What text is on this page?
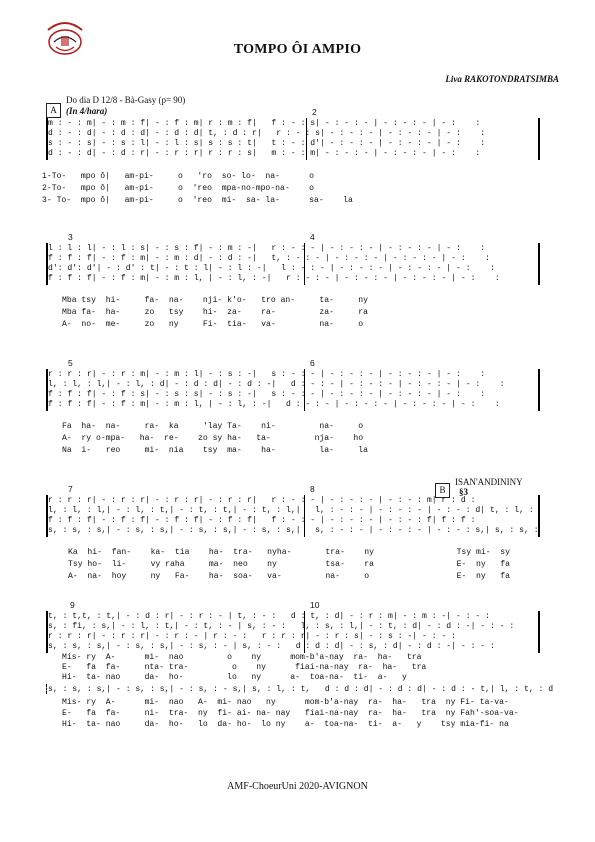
TOMPO ÔI AMPIO
Liva RAKOTONDRATSIMBA
A
Do dia D 12/8 - Bà-Gasy (p= 90)
(In 4/hara)
B
ISAN'ANDININY
§3
2
m : - : m| - : m : f| - : f : m| r : m : f|   f : - : s| - : - : - | - : - : - | - :    :
d : - : d| - : d : d| - : d : d| t, : d : r|   r : - : s| - : - : - | - : - : - | - :    :
s : - : s| - : s : l| - : l : s| s : s : t|   t : - : d'| - : - : - | - : - : - | - :    :
d : - : d| - : d : r| - : r : r| r : r : s|   m : - : m| - : - : - | - : - : - | - :    :
1-To-   mpo ô|   am-pi-     o   'ro  so- lo-  na-      o
2-To-   mpo ô|   am-pi-     o  'reo  mpa-no-mpo-na-    o
3- To-  mpo ô|   am-pi-     o  'reo  mi-  sa- la-      sa-    la
3	4
l : l : l| - : l : s| - : s : f| - : m : -|   r : - : - | - : - : - | - : - : - | - :    :
f : f : f| - : f : m| - : m : d| - : d : -|   t, : - : - | - : - : - | - : - : - | - :    :
d': d': d'| - : d' : t| - : t : l| - : l : -|   l : - : - | - : - : - | - : - : - | - :    :
f : f : f| - : f : m| - : m : l, | - : l, : -|   r : - : - | - : - : - | - : - : - | - :    :
Mba tsy  hi-     fa-  na-    nji- k'o-   tro an-     ta-     ny
Mba fa-  ha-     zo   tsy    hi-  za-    ra-         za-     ra
A-  no-  me-     zo   ny     Fi-  tia-   va-         na-     o
5	6
r : r : r| - : r : m| - : m : l| - : s : -|   s : - : - | - : - : - | - : - : - | - :    :
l, : l, : l,| - : l, : d| - : d : d| - : d : -|   d : - : - | - : - : - | - : - : - | - :    :
f : f : f| - : f : s| - : s : s| - : s : -|   s : - : - | - : - : - | - : - : - | - :    :
f : f : f| - : f : m| - : m : l, | - : l, : -|   d : - : - | - : - : - | - : - : - | - :    :
Fa  ha-  na-     ra-  ka     'lay Ta-    ni-         na-     o
A-  ry o-mpa-   ha-  re-    zo sy ha-   ta-         nja-    ho
Na  i-   reo     mi-  nia    tsy  ma-    ha-         la-     la
7	8
r : r : r| - : r : r| - : r : r| - : r : r|   r : - : - | - : - : - | - : - : m| r : d :
l, : l, : l,| - : l, : t,| - : t, : t,| - : t, : l,|   l, : - : - | - : - : - | - : - : d| t, : l, :
f : f : f| - : f : f| - : f : f| - : f : f|   f : - : - | - : - : - | - : - : f| f : f :
s, : s, : s,| - : s, : s,| - : s, : s,| - : s, : s,|   s, : - : - | - : - : - | - : - : s,| s, : s, :
Ka  hi-  fan-    ka-  tia    ha-  tra-   nyha-       tra-    ny                 Tsy mi-  sy
Tsy ho-  li-     vy raha     ma-  neo    ny          tsa-    ra                 E-  ny   fa
A-  na-  hoy     ny   Fa-    ha-  soa-   va-         na-     o                  E-  ny   fa
9	10
t, : t,t, : t,| - : d : r| - : r : - | t, : - :   d : t, : d| - : r : m| - : m : -| - : - :
s, : fi, : s,| - : l, : t,| - : t, : - | s, : - :   l, : s, : l,| - : t, : d| - : d : -| - : - :
r : r : r| - : r : r| - : r : - | r : - :   r : r : r| - : r : s| - : s : -| - : - :
s, : s, : s,| - : s, : s,| - : s, : - | s, : - :   d : d : d| - : s, : d| - : d : -| - : - :
Mis- ry  A-      mi-  nao         o    ny      mom-b'a-nay  ra-  ha-   tra
E-   fa  fa-     nta- tra-         o    ny      fiai-na-nay  ra-  ha-   tra
Hi-  ta- nao     da-  ho-         lo   ny      a-  toa-na-  ti-  a-   y
s, : s, : s,| - : s, : s,| - : s, : - s,| s, : l, : t,   d : d : d| - : d : d| - : d : - t,| l, : t, : d
Mis- ry  A-      mi-  nao   A-  mi- nao   ny      mom-b'a-nay  ra-  ha-   tra  ny Fi- ta-va-
E-   fa  fa-     ni-  tra-  ny  fi- ai- na- nay   fiai-na-nay  ra-  ha-   tra  ny Fah'-soa-va-
Hi-  ta- nao     da-  ho-   lo  da- ho-  lo ny    a-  toa-na-  ti-  a-   y    tsy mia-fi- na
AMF-ChoeurUni 2020-AVIGNON
